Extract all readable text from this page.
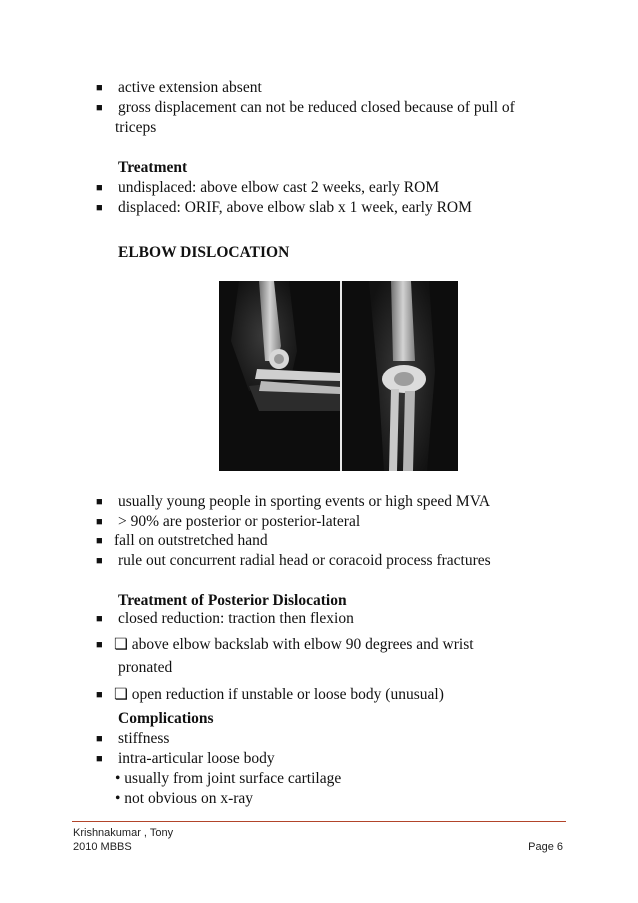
■ active extension absent
■ gross displacement can not be reduced closed because of pull of
triceps
Treatment
■ undisplaced: above elbow cast 2 weeks, early ROM
■ displaced: ORIF, above elbow slab x 1 week, early ROM
ELBOW DISLOCATION
■ usually young people in sporting events or high speed MVA
■ > 90% are posterior or posterior-lateral
■ fall on outstretched hand
■ rule out concurrent radial head or coracoid process fractures
Treatment of Posterior Dislocation
■ closed reduction: traction then flexion
■ ❏ above elbow backslab with elbow 90 degrees and wrist
pronated
■ ❏ open reduction if unstable or loose body (unusual)
Complications
■ stiffness
■ intra-articular loose body
• usually from joint surface cartilage
• not obvious on x-ray
Krishnakumar , Tony
2010 MBBS	Page 6
